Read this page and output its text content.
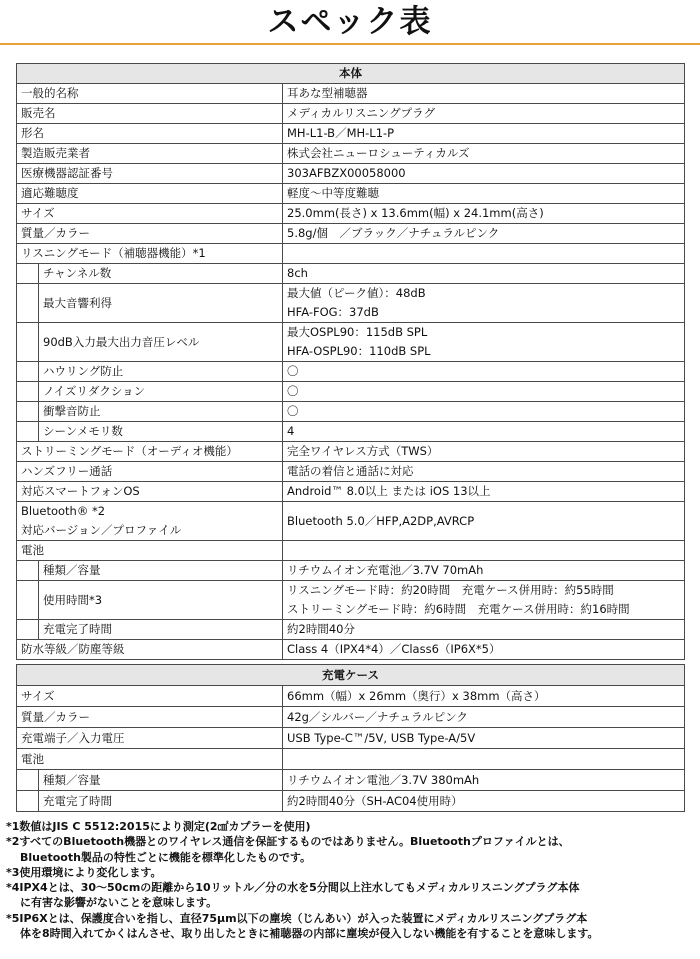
スペック表
本体		
一般的名称		耳あな型補聴器
販売名		メディカルリスニングプラグ
形名		MH-L1-B／MH-L1-P
製造販売業者		株式会社ニューロシューティカルズ
医療機器認証番号		303AFBZX00058000
適応難聴度		軽度～中等度難聴
サイズ		25.0mm(長さ) x 13.6mm(幅) x 24.1mm(高さ)
質量／カラー		5.8g/個　／ブラック／ナチュラルピンク
リスニングモード（補聴器機能）*1		
	チャンネル数	8ch
	最大音響利得	最大値（ピーク値）：48dB
HFA-FOG：37dB

	90dB入力最大出力音圧レベル	最大OSPL90：115dB SPL
HFA-OSPL90：110dB SPL

	ハウリング防止	〇
	ノイズリダクション	〇
	衝撃音防止	〇
	シーンメモリ数	4
ストリーミングモード（オーディオ機能）		完全ワイヤレス方式（TWS）
ハンズフリー通話		電話の着信と通話に対応
対応スマートフォンOS		Android™ 8.0以上 または iOS 13以上

Bluetooth® *2
対応バージョン／プロファイル		Bluetooth 5.0／HFP,A2DP,AVRCP
電池		
	種類／容量	リチウムイオン充電池／3.7V 70mAh
	使用時間*3	リスニングモード時：約20時間　充電ケース併用時：約55時間
ストリーミングモード時：約6時間　充電ケース併用時：約16時間

	充電完了時間	約2時間40分
防水等級／防塵等級		Class 4（IPX4*4）／Class6（IP6X*5）
充電ケース		
サイズ		66mm（幅）x 26mm（奥行）x 38mm（高さ）
質量／カラー		42g／シルバー／ナチュラルピンク
充電端子／入力電圧		USB Type-C™/5V, USB Type-A/5V
電池		
	種類／容量	リチウムイオン電池／3.7V 380mAh
	充電完了時間	約2時間40分（SH-AC04使用時）
*1数値はJIS C 5512:2015により測定(2㎠カプラーを使用)
*2すべてのBluetooth機器とのワイヤレス通信を保証するものではありません。Bluetoothプロファイルとは、
Bluetooth製品の特性ごとに機能を標準化したものです。
*3使用環境により変化します。
*4IPX4とは、30～50cmの距離から10リットル／分の水を5分間以上注水してもメディカルリスニングプラグ本体
に有害な影響がないことを意味します。
*5IP6Xとは、保護度合いを指し、直径75μm以下の塵埃（じんあい）が入った装置にメディカルリスニングプラグ本
体を8時間入れてかくはんさせ、取り出したときに補聴器の内部に塵埃が侵入しない機能を有することを意味します。
